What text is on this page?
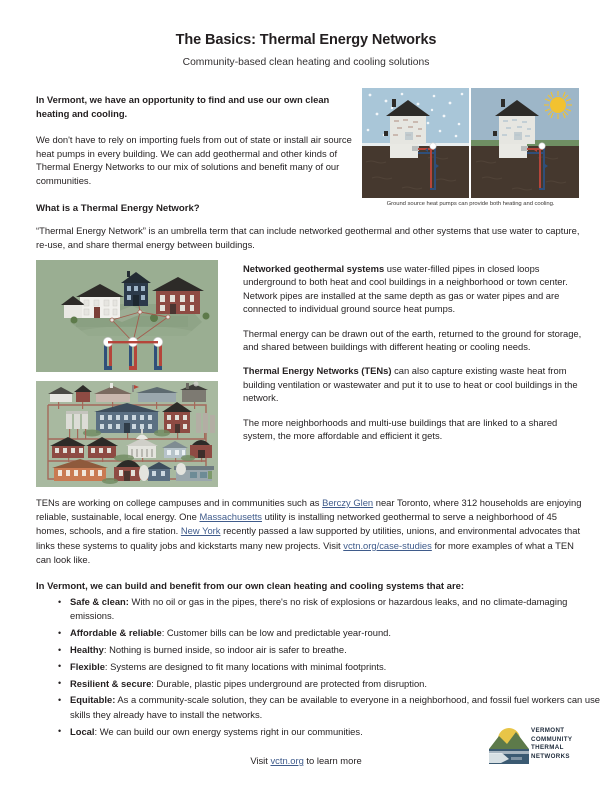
The Basics: Thermal Energy Networks
Community-based clean heating and cooling solutions
In Vermont, we have an opportunity to find and use our own clean heating and cooling.
We don't have to rely on importing fuels from out of state or install air source heat pumps in every building. We can add geothermal and other kinds of Thermal Energy Networks to our mix of solutions and benefit many of our communities.
Ground source heat pumps can provide both heating and cooling.
What is a Thermal Energy Network?
“Thermal Energy Network” is an umbrella term that can include networked geothermal and other systems that use water to capture, re-use, and share thermal energy between buildings.

Networked geothermal systems use water-filled pipes in closed loops underground to both heat and cool buildings in a neighborhood or town center. Network pipes are installed at the same depth as gas or water pipes and are connected to individual ground source heat pumps.

Thermal energy can be drawn out of the earth, returned to the ground for storage, and shared between buildings with different heating or cooling needs.

Thermal Energy Networks (TENs) can also capture existing waste heat from building ventilation or wastewater and put it to use to heat or cool buildings in the network.

The more neighborhoods and multi-use buildings that are linked to a shared system, the more affordable and efficient it gets.

TENs are working on college campuses and in communities such as Berczy Glen near Toronto, where 312 households are enjoying reliable, sustainable, local energy. One Massachusetts utility is installing networked geothermal to serve a neighborhood of 45 homes, schools, and a fire station. New York recently passed a law supported by utilities, unions, and environmental advocates that links these systems to quality jobs and kickstarts many new projects. Visit vctn.org/case-studies for more examples of what a TEN can look like.
In Vermont, we can build and benefit from our own clean heating and cooling systems that are:
• Safe & clean: With no oil or gas in the pipes, there's no risk of explosions or hazardous leaks, and no climate-damaging emissions.
• Affordable & reliable: Customer bills can be low and predictable year-round.
• Healthy: Nothing is burned inside, so indoor air is safer to breathe.
• Flexible: Systems are designed to fit many locations with minimal footprints.
• Resilient & secure: Durable, plastic pipes underground are protected from disruption.
• Equitable: As a community-scale solution, they can be available to everyone in a neighborhood, and fossil fuel workers can use skills they already have to install the networks.
• Local: We can build our own energy systems right in our communities.	VERMONT
COMMUNITY
THERMAL
NETWORKS
Visit vctn.org to learn more
